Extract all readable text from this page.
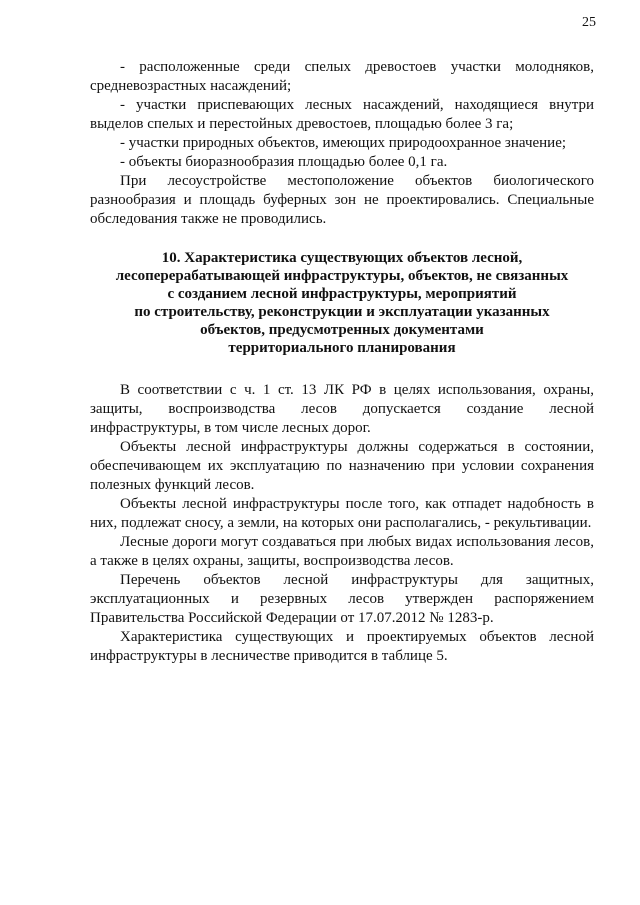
25

- расположенные среди спелых древостоев участки молодняков, средневозрастных насаждений;

- участки приспевающих лесных насаждений, находящиеся внутри выделов спелых и перестойных древостоев, площадью более 3 га;

- участки природных объектов, имеющих природоохранное значение;

- объекты биоразнообразия площадью более 0,1 га.

При лесоустройстве местоположение объектов биологического разнообразия и площадь буферных зон не проектировались. Специальные обследования также не проводились.

10. Характеристика существующих объектов лесной,
лесоперерабатывающей инфраструктуры, объектов, не связанных
с созданием лесной инфраструктуры, мероприятий
по строительству, реконструкции и эксплуатации указанных
объектов, предусмотренных документами
территориального планирования

В соответствии с ч. 1 ст. 13 ЛК РФ в целях использования, охраны, защиты, воспроизводства лесов допускается создание лесной инфраструктуры, в том числе лесных дорог.

Объекты лесной инфраструктуры должны содержаться в состоянии, обеспечивающем их эксплуатацию по назначению при условии сохранения полезных функций лесов.

Объекты лесной инфраструктуры после того, как отпадет надобность в них, подлежат сносу, а земли, на которых они располагались, - рекультивации.

Лесные дороги могут создаваться при любых видах использования лесов, а также в целях охраны, защиты, воспроизводства лесов.

Перечень объектов лесной инфраструктуры для защитных, эксплуатационных и резервных лесов утвержден распоряжением Правительства Российской Федерации от 17.07.2012 № 1283-р.

Характеристика существующих и проектируемых объектов лесной инфраструктуры в лесничестве приводится в таблице 5.
